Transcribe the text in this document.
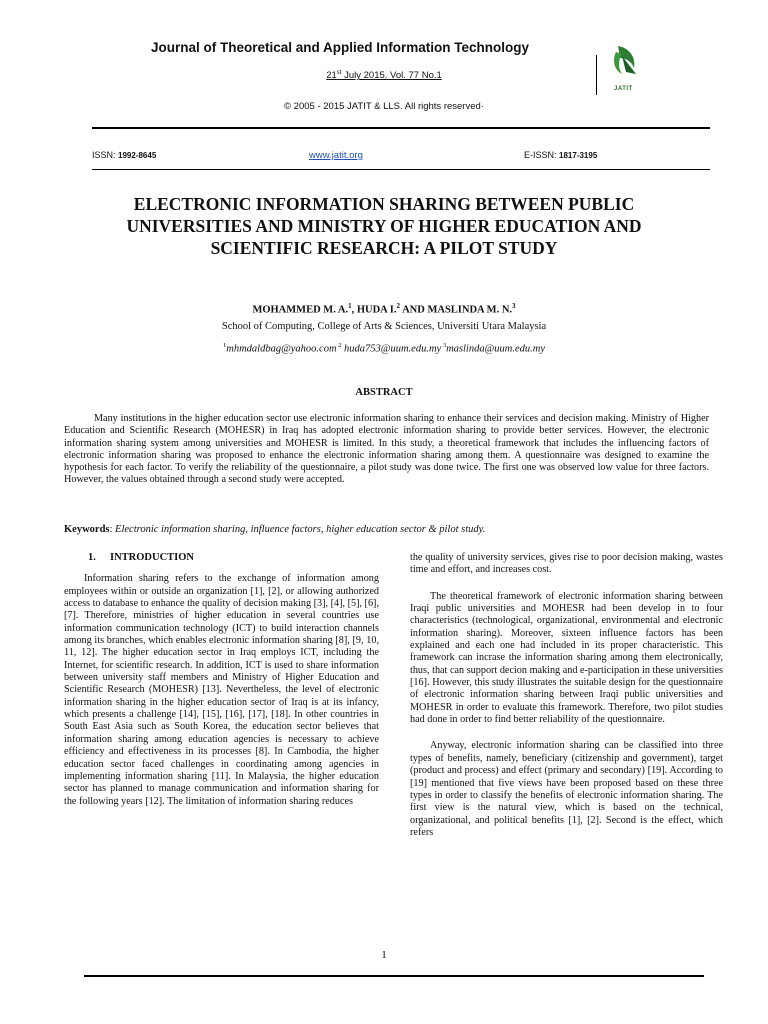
Journal of Theoretical and Applied Information Technology
21st July 2015. Vol. 77 No.1
© 2005 - 2015 JATIT & LLS. All rights reserved·
JATIT
ISSN: 1992-8645	www.jatit.org	E-ISSN: 1817-3195
ELECTRONIC INFORMATION SHARING BETWEEN PUBLIC UNIVERSITIES AND MINISTRY OF HIGHER EDUCATION AND SCIENTIFIC RESEARCH: A PILOT STUDY
MOHAMMED M. A.$^1$, HUDA I.$^2$ AND MASLINDA M. N.$^3$
School of Computing, College of Arts & Sciences, Universiti Utara Malaysia
$^1$mhmdaldbag@yahoo.com $^2$ huda753@uum.edu.my $^3$maslinda@uum.edu.my
ABSTRACT

Many institutions in the higher education sector use electronic information sharing to enhance their services and decision making. Ministry of Higher Education and Scientific Research (MOHESR) in Iraq has adopted electronic information sharing to provide better services. However, the electronic information sharing system among universities and MOHESR is limited. In this study, a theoretical framework that includes the influencing factors of electronic information sharing was proposed to enhance the electronic information sharing among them. A questionnaire was designed to examine the hypothesis for each factor. To verify the reliability of the questionnaire, a pilot study was done twice. The first one was observed low value for three factors. However, the values obtained through a second study were accepted.

Keywords: Electronic information sharing, influence factors, higher education sector & pilot study.

1. INTRODUCTION

Information sharing refers to the exchange of information among employees within or outside an organization [1], [2], or allowing authorized access to database to enhance the quality of decision making [3], [4], [5], [6], [7]. Therefore, ministries of higher education in several countries use information communication technology (ICT) to build interaction channels among its branches, which enables electronic information sharing [8], [9, 10, 11, 12]. The higher education sector in Iraq employs ICT, including the Internet, for scientific research. In addition, ICT is used to share information between university staff members and Ministry of Higher Education and Scientific Research (MOHESR) [13]. Nevertheless, the level of electronic information sharing in the higher education sector of Iraq is at its infancy, which presents a challenge [14], [15], [16], [17], [18]. In other countries in South East Asia such as South Korea, the education sector believes that information sharing among education agencies is necessary to achieve efficiency and effectiveness in its processes [8]. In Cambodia, the higher education sector faced challenges in coordinating among agencies in implementing information sharing [11]. In Malaysia, the higher education sector has planned to manage communication and information sharing for the following years [12]. The limitation of information sharing reduces

the quality of university services, gives rise to poor decision making, wastes time and effort, and increases cost.

The theoretical framework of electronic information sharing between Iraqi public universities and MOHESR had been develop in to four characteristics (technological, organizational, environmental and electronic information sharing). Moreover, sixteen influence factors has been explained and each one had included in its proper characteristic. This framework can incrase the information sharing among them electronically, thus, that can support decion making and e-participation in these universities [16]. However, this study illustrates the suitable design for the questionnaire of electronic information sharing between Iraqi public universities and MOHESR in order to evaluate this framework. Therefore, two pilot studies had done in order to find better reliability of the questionnaire.

Anyway, electronic information sharing can be classified into three types of benefits, namely, beneficiary (citizenship and government), target (product and process) and effect (primary and secondary) [19]. According to [19] mentioned that five views have been proposed based on these three types in order to classify the benefits of electronic information sharing. The first view is the natural view, which is based on the technical, organizational, and political benefits [1], [2]. Second is the effect, which refers

1
